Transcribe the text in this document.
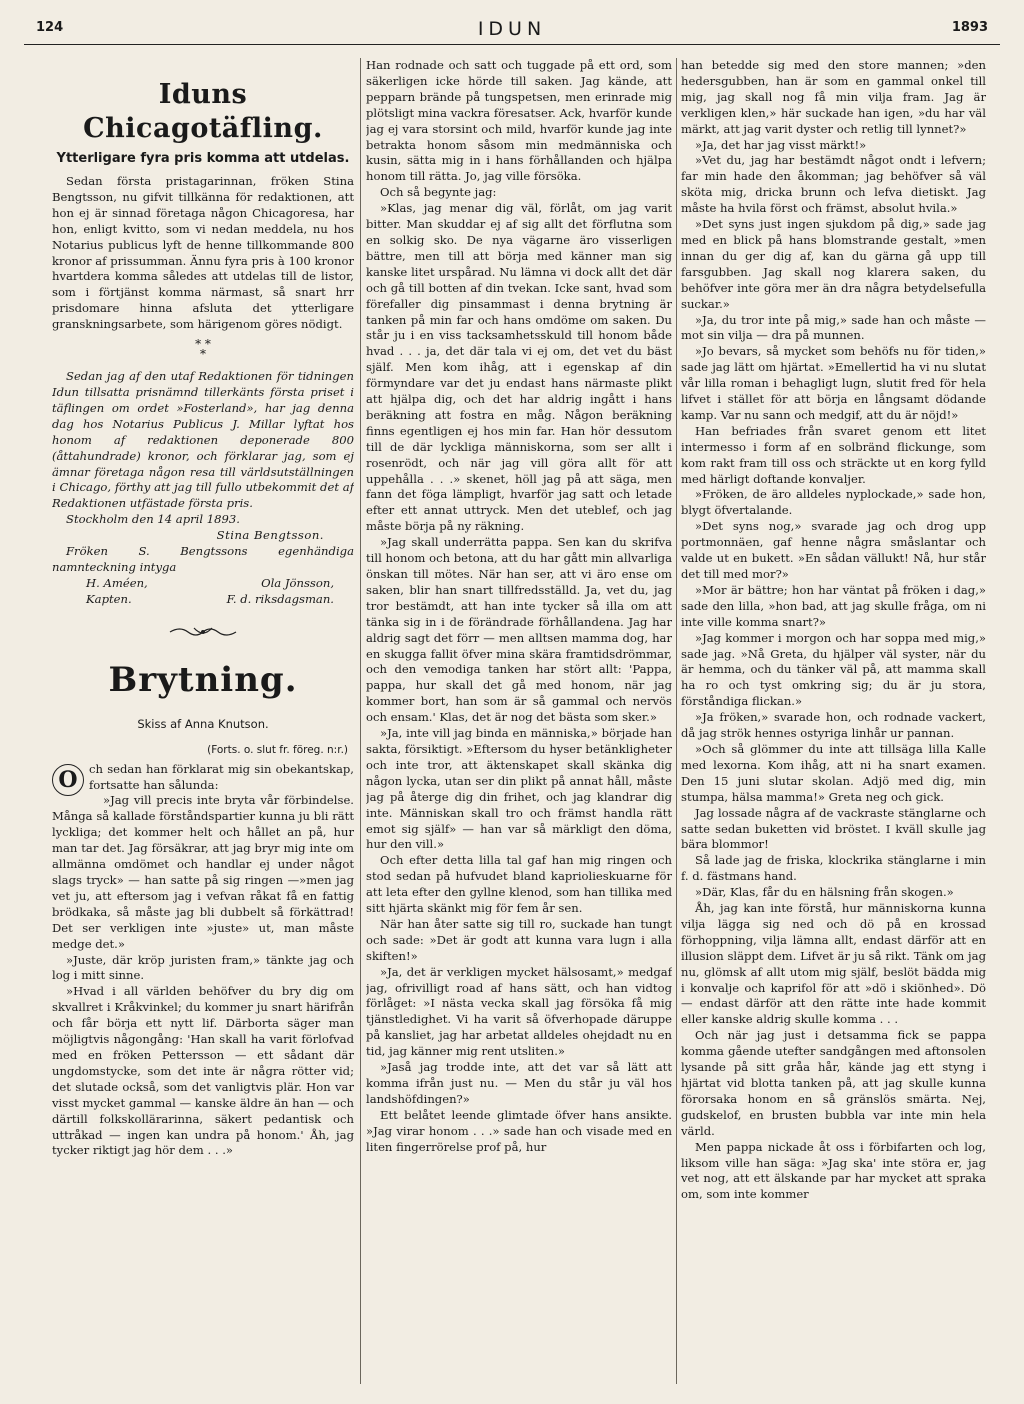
124	IDUN	1893
Iduns Chicagotäfling.
Ytterligare fyra pris komma att utdelas.

Sedan första pristagarinnan, fröken Stina Bengtsson, nu gifvit tillkänna för redaktionen, att hon ej är sinnad företaga någon Chicagoresa, har hon, enligt kvitto, som vi nedan meddela, nu hos Notarius publicus lyft de henne tillkommande 800 kronor af prissumman. Ännu fyra pris à 100 kronor hvartdera komma således att utdelas till de listor, som i förtjänst komma närmast, så snart hrr prisdomare hinna afsluta det ytterligare granskningsarbete, som härigenom göres nödigt.

* *
*

Sedan jag af den utaf Redaktionen för tidningen Idun tillsatta prisnämnd tillerkänts första priset i täflingen om ordet »Fosterland», har jag denna dag hos Notarius Publicus J. Millar lyftat hos honom af redaktionen deponerade 800 (åttahundrade) kronor, och förklarar jag, som ej ämnar företaga någon resa till världsutställningen i Chicago, förthy att jag till fullo utbekommit det af Redaktionen utfästade första pris.

Stockholm den 14 april 1893.

Stina Bengtsson.

Fröken S. Bengtssons egenhändiga namnteckning intyga

H. Améen,	Ola Jönsson,
Kapten.	F. d. riksdagsman.
Brytning.
Skiss af Anna Knutson.
(Forts. o. slut fr. föreg. n:r.)
O ch sedan han förklarat mig sin obekantskap, fortsatte han sålunda:

»Jag vill precis inte bryta vår förbindelse. Många så kallade förståndspartier kunna ju bli rätt lyckliga; det kommer helt och hållet an på, hur man tar det. Jag försäkrar, att jag bryr mig inte om allmänna omdömet och handlar ej under något slags tryck» — han satte på sig ringen —»men jag vet ju, att eftersom jag i vefvan råkat få en fattig brödkaka, så måste jag bli dubbelt så förkättrad! Det ser verkligen inte »juste» ut, man måste medge det.»

»Juste, där kröp juristen fram,» tänkte jag och log i mitt sinne.

»Hvad i all världen behöfver du bry dig om skvallret i Kråkvinkel; du kommer ju snart härifrån och får börja ett nytt lif. Därborta säger man möjligtvis någongång: 'Han skall ha varit förlofvad med en fröken Pettersson — ett sådant där ungdomstycke, som det inte är några rötter vid; det slutade också, som det vanligtvis plär. Hon var visst mycket gammal — kanske äldre än han — och därtill folkskollärarinna, säkert pedantisk och uttråkad — ingen kan undra på honom.' Åh, jag tycker riktigt jag hör dem . . .»

Han rodnade och satt och tuggade på ett ord, som säkerligen icke hörde till saken. Jag kände, att pepparn brände på tungspetsen, men erinrade mig plötsligt mina vackra föresatser. Ack, hvarför kunde jag ej vara storsint och mild, hvarför kunde jag inte betrakta honom såsom min medmänniska och kusin, sätta mig in i hans förhållanden och hjälpa honom till rätta. Jo, jag ville försöka.

Och så begynte jag:

»Klas, jag menar dig väl, förlåt, om jag varit bitter. Man skuddar ej af sig allt det förflutna som en solkig sko. De nya vägarne äro visserligen bättre, men till att börja med känner man sig kanske litet urspårad. Nu lämna vi dock allt det där och gå till botten af din tvekan. Icke sant, hvad som förefaller dig pinsammast i denna brytning är tanken på min far och hans omdöme om saken. Du står ju i en viss tacksamhetsskuld till honom både hvad . . . ja, det där tala vi ej om, det vet du bäst själf. Men kom ihåg, att i egenskap af din förmyndare var det ju endast hans närmaste plikt att hjälpa dig, och det har aldrig ingått i hans beräkning att fostra en måg. Någon beräkning finns egentligen ej hos min far. Han hör dessutom till de där lyckliga människorna, som ser allt i rosenrödt, och när jag vill göra allt för att uppehålla . . .» skenet, höll jag på att säga, men fann det föga lämpligt, hvarför jag satt och letade efter ett annat uttryck. Men det uteblef, och jag måste börja på ny räkning.

»Jag skall underrätta pappa. Sen kan du skrifva till honom och betona, att du har gått min allvarliga önskan till mötes. När han ser, att vi äro ense om saken, blir han snart tillfredsställd. Ja, vet du, jag tror bestämdt, att han inte tycker så illa om att tänka sig in i de förändrade förhållandena. Jag har aldrig sagt det förr — men alltsen mamma dog, har en skugga fallit öfver mina skära framtidsdrömmar, och den vemodiga tanken har stört allt: 'Pappa, pappa, hur skall det gå med honom, när jag kommer bort, han som är så gammal och nervös och ensam.' Klas, det är nog det bästa som sker.»

»Ja, inte vill jag binda en människa,» började han sakta, försiktigt. »Eftersom du hyser betänkligheter och inte tror, att äktenskapet skall skänka dig någon lycka, utan ser din plikt på annat håll, måste jag på återge dig din frihet, och jag klandrar dig inte. Människan skall tro och främst handla rätt emot sig själf» — han var så märkligt den döma, hur den vill.»

Och efter detta lilla tal gaf han mig ringen och stod sedan på hufvudet bland kapriolieskuarne för att leta efter den gyllne klenod, som han tillika med sitt hjärta skänkt mig för fem år sen.

När han åter satte sig till ro, suckade han tungt och sade: »Det är godt att kunna vara lugn i alla skiften!»

»Ja, det är verkligen mycket hälsosamt,» medgaf jag, ofrivilligt road af hans sätt, och han vidtog förlåget: »I nästa vecka skall jag försöka få mig tjänstledighet. Vi ha varit så öfverhopade däruppe på kansliet, jag har arbetat alldeles ohejdadt nu en tid, jag känner mig rent utsliten.»

»Jaså jag trodde inte, att det var så lätt att komma ifrån just nu. — Men du står ju väl hos landshöfdingen?»

Ett belåtet leende glimtade öfver hans ansikte. »Jag virar honom . . .» sade han och visade med en liten fingerrörelse prof på, hur

han betedde sig med den store mannen; »den hedersgubben, han är som en gammal onkel till mig, jag skall nog få min vilja fram. Jag är verkligen klen,» här suckade han igen, »du har väl märkt, att jag varit dyster och retlig till lynnet?»

»Ja, det har jag visst märkt!»

»Vet du, jag har bestämdt något ondt i lefvern; far min hade den åkomman; jag behöfver så väl sköta mig, dricka brunn och lefva dietiskt. Jag måste ha hvila först och främst, absolut hvila.»

»Det syns just ingen sjukdom på dig,» sade jag med en blick på hans blomstrande gestalt, »men innan du ger dig af, kan du gärna gå upp till farsgubben. Jag skall nog klarera saken, du behöfver inte göra mer än dra några betydelsefulla suckar.»

»Ja, du tror inte på mig,» sade han och måste — mot sin vilja — dra på munnen.

»Jo bevars, så mycket som behöfs nu för tiden,» sade jag lätt om hjärtat. »Emellertid ha vi nu slutat vår lilla roman i behagligt lugn, slutit fred för hela lifvet i stället för att börja en långsamt dödande kamp. Var nu sann och medgif, att du är nöjd!»

Han befriades från svaret genom ett litet intermesso i form af en solbränd flickunge, som kom rakt fram till oss och sträckte ut en korg fylld med härligt doftande konvaljer.

»Fröken, de äro alldeles nyplockade,» sade hon, blygt öfvertalande.

»Det syns nog,» svarade jag och drog upp portmonnäen, gaf henne några småslantar och valde ut en bukett. »En sådan vällukt! Nå, hur står det till med mor?»

»Mor är bättre; hon har väntat på fröken i dag,» sade den lilla, »hon bad, att jag skulle fråga, om ni inte ville komma snart?»

»Jag kommer i morgon och har soppa med mig,» sade jag. »Nå Greta, du hjälper väl syster, när du är hemma, och du tänker väl på, att mamma skall ha ro och tyst omkring sig; du är ju stora, förståndiga flickan.»

»Ja fröken,» svarade hon, och rodnade vackert, då jag strök hennes ostyriga linhår ur pannan.

»Och så glömmer du inte att tillsäga lilla Kalle med lexorna. Kom ihåg, att ni ha snart examen. Den 15 juni slutar skolan. Adjö med dig, min stumpa, hälsa mamma!» Greta neg och gick.

Jag lossade några af de vackraste stänglarne och satte sedan buketten vid bröstet. I kväll skulle jag bära blommor!

Så lade jag de friska, klockrika stänglarne i min f. d. fästmans hand.

»Där, Klas, får du en hälsning från skogen.»

Åh, jag kan inte förstå, hur människorna kunna vilja lägga sig ned och dö på en krossad förhoppning, vilja lämna allt, endast därför att en illusion släppt dem. Lifvet är ju så rikt. Tänk om jag nu, glömsk af allt utom mig själf, beslöt bädda mig i konvalje och kaprifol för att »dö i skiönhed». Dö — endast därför att den rätte inte hade kommit eller kanske aldrig skulle komma . . .

Och när jag just i detsamma fick se pappa komma gående utefter sandgången med aftonsolen lysande på sitt gråa hår, kände jag ett styng i hjärtat vid blotta tanken på, att jag skulle kunna förorsaka honom en så gränslös smärta. Nej, gudskelof, en brusten bubbla var inte min hela värld.

Men pappa nickade åt oss i förbifarten och log, liksom ville han säga: »Jag ska' inte störa er, jag vet nog, att ett älskande par har mycket att spraka om, som inte kommer
